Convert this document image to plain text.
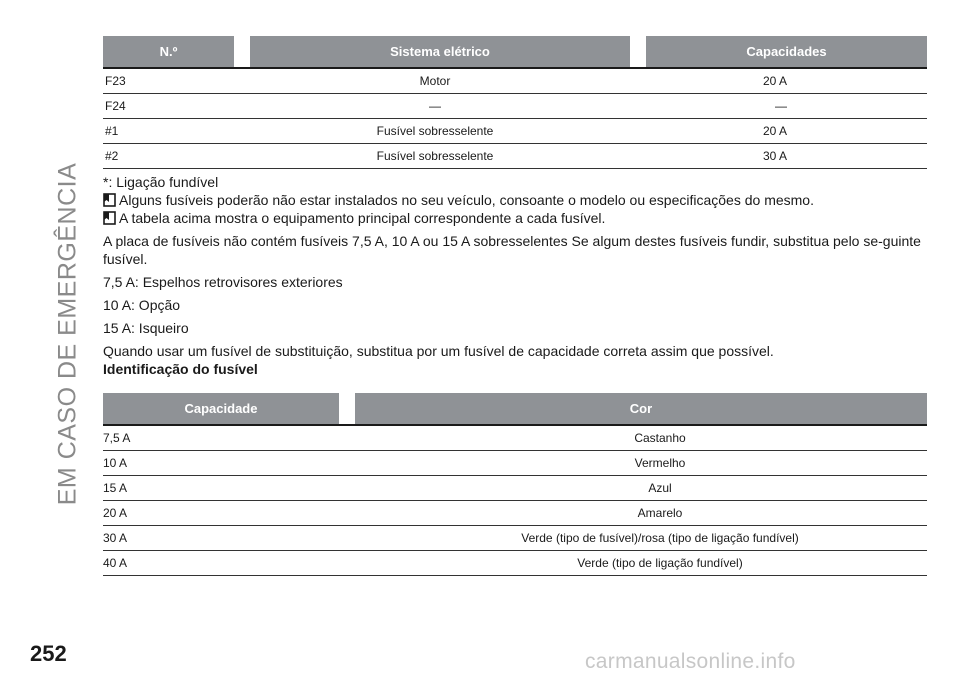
EM CASO DE EMERGÊNCIA
N.º	Sistema elétrico	Capacidades
F23	Motor	20 A
F24	—	—
#1	Fusível sobresselente	20 A
#2	Fusível sobresselente	30 A

*: Ligação fundível

Alguns fusíveis poderão não estar instalados no seu veículo, consoante o modelo ou especificações do mesmo.
A tabela acima mostra o equipamento principal correspondente a cada fusível.

A placa de fusíveis não contém fusíveis 7,5 A, 10 A ou 15 A sobresselentes Se algum destes fusíveis fundir, substitua pelo se-guinte fusível.

7,5 A: Espelhos retrovisores exteriores

10 A: Opção

15 A: Isqueiro

Quando usar um fusível de substituição, substitua por um fusível de capacidade correta assim que possível.

Identificação do fusível

Capacidade	Cor
7,5 A	Castanho
10 A	Vermelho
15 A	Azul
20 A	Amarelo
30 A	Verde (tipo de fusível)/rosa (tipo de ligação fundível)
40 A	Verde (tipo de ligação fundível)
252	carmanualsonline.info
